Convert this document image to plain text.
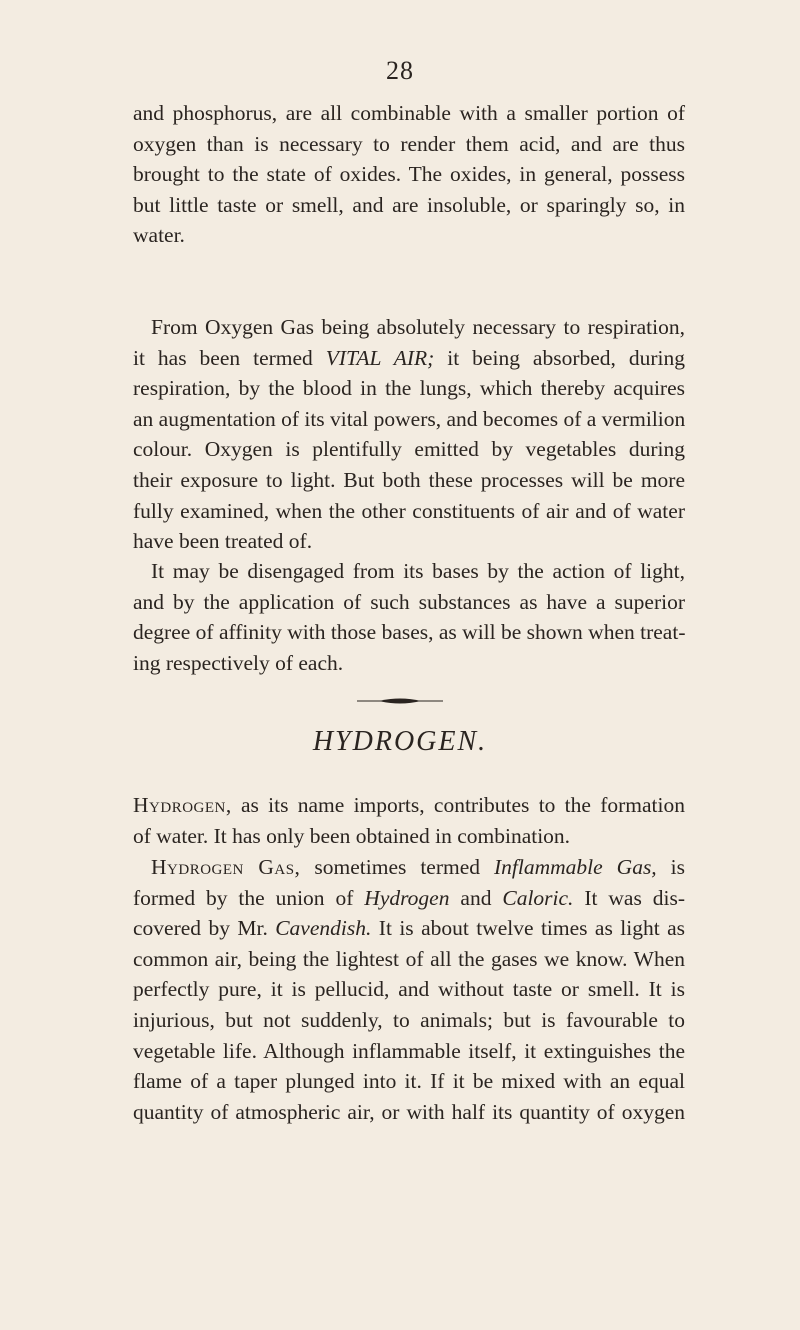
28
and phosphorus, are all combinable with a smaller portion of
oxygen than is necessary to render them acid, and are thus
brought to the state of oxides. The oxides, in general, possess
but little taste or smell, and are insoluble, or sparingly so, in
water.
From Oxygen Gas being absolutely necessary to respiration,
it has been termed VITAL AIR; it being absorbed, during
respiration, by the blood in the lungs, which thereby acquires
an augmentation of its vital powers, and becomes of a vermilion
colour. Oxygen is plentifully emitted by vegetables during
their exposure to light. But both these processes will be more
fully examined, when the other constituents of air and of water
have been treated of.
It may be disengaged from its bases by the action of light,
and by the application of such substances as have a superior
degree of affinity with those bases, as will be shown when treat-
ing respectively of each.
HYDROGEN.
Hydrogen, as its name imports, contributes to the formation
of water. It has only been obtained in combination.
Hydrogen Gas, sometimes termed Inflammable Gas, is
formed by the union of Hydrogen and Caloric. It was dis-
covered by Mr. Cavendish. It is about twelve times as light as
common air, being the lightest of all the gases we know. When
perfectly pure, it is pellucid, and without taste or smell. It is
injurious, but not suddenly, to animals; but is favourable to
vegetable life. Although inflammable itself, it extinguishes the
flame of a taper plunged into it. If it be mixed with an equal
quantity of atmospheric air, or with half its quantity of oxygen
